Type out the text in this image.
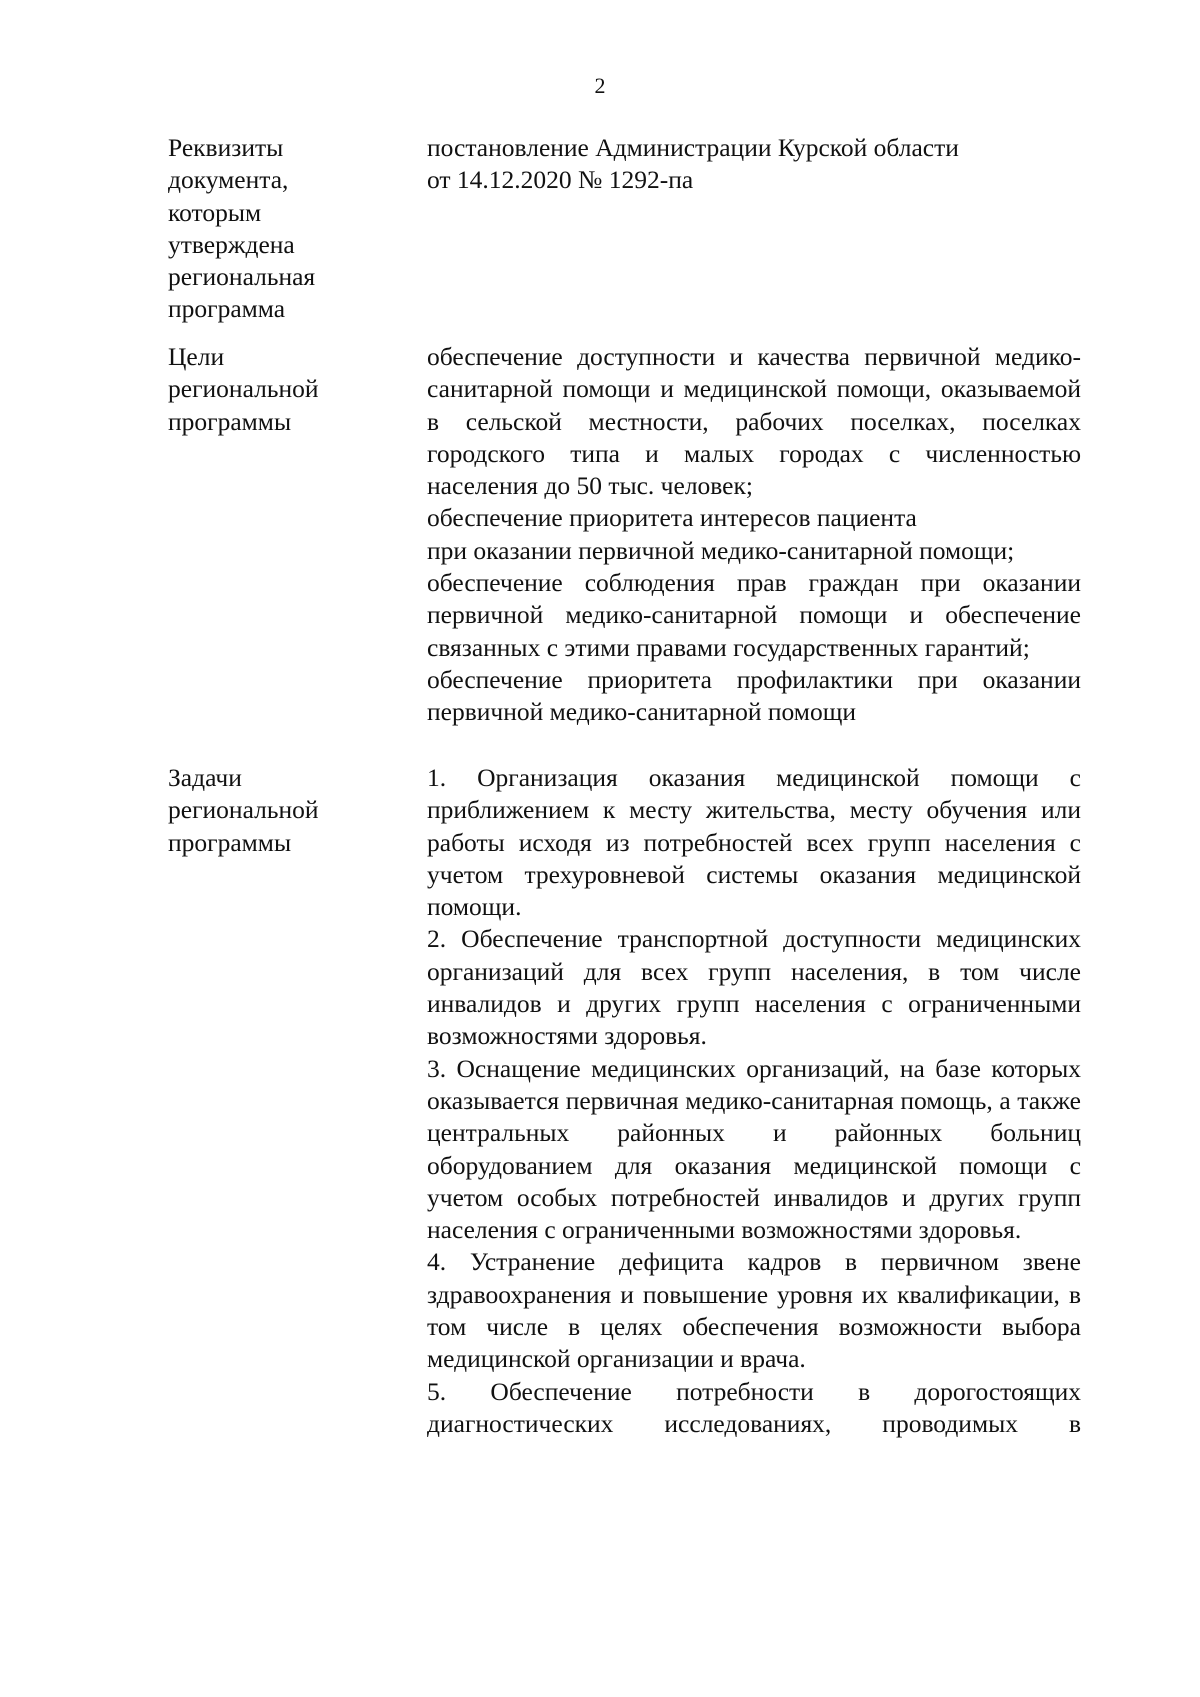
2
Реквизиты
документа,
которым
утверждена
региональная
программа

постановление Администрации Курской области

от 14.12.2020 № 1292-па

Цели
региональной
программы

обеспечение доступности и качества первичной медико-санитарной помощи и медицинской помощи, оказываемой в сельской местности, рабочих поселках, поселках городского типа и малых городах с численностью населения до 50 тыс. человек;

обеспечение приоритета интересов пациента

при оказании первичной медико-санитарной помощи;

обеспечение соблюдения прав граждан при оказании первичной медико-санитарной помощи и обеспечение связанных с этими правами государственных гарантий;

обеспечение приоритета профилактики при оказании первичной медико-санитарной помощи

Задачи
региональной
программы

1. Организация оказания медицинской помощи с приближением к месту жительства, месту обучения или работы исходя из потребностей всех групп населения с учетом трехуровневой системы оказания медицинской помощи.

2. Обеспечение транспортной доступности медицинских организаций для всех групп населения, в том числе инвалидов и других групп населения с ограниченными возможностями здоровья.

3. Оснащение медицинских организаций, на базе которых оказывается первичная медико-санитарная помощь, а также центральных районных и районных больниц оборудованием для оказания медицинской помощи с учетом особых потребностей инвалидов и других групп населения с ограниченными возможностями здоровья.

4. Устранение дефицита кадров в первичном звене здравоохранения и повышение уровня их квалификации, в том числе в целях обеспечения возможности выбора медицинской организации и врача.

5. Обеспечение потребности в дорогостоящих диагностических исследованиях, проводимых в
